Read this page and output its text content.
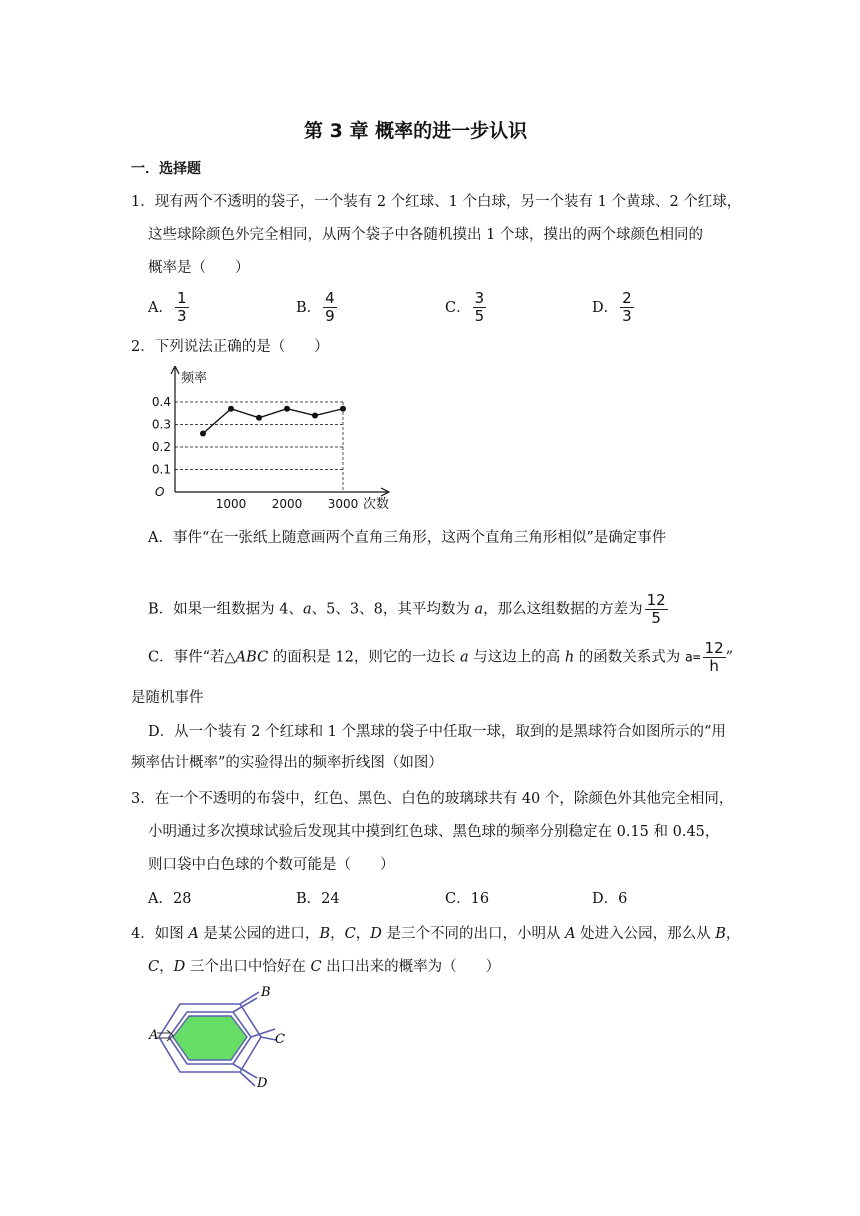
第 3 章 概率的进一步认识
一．选择题
1．现有两个不透明的袋子，一个装有 2 个红球、1 个白球，另一个装有 1 个黄球、2 个红球，
这些球除颜色外完全相同，从两个袋子中各随机摸出 1 个球，摸出的两个球颜色相同的
概率是（　　）
A． $\frac{1}{3}$	B． $\frac{4}{9}$	C． $\frac{3}{5}$	D． $\frac{2}{3}$
2．下列说法正确的是（　　）
0.1
0.2
0.3
0.4
1000 2000 3000
频率
次数
O
A．事件“在一张纸上随意画两个直角三角形，这两个直角三角形相似”是确定事件
B．如果一组数据为 4、a、5、3、8，其平均数为 a，那么这组数据的方差为 $\frac{12}{5}$
C．事件“若△ABC 的面积是 12，则它的一边长 a 与这边上的高 h 的函数关系式为 $a= \frac{12}{h}$ ”
是随机事件
D．从一个装有 2 个红球和 1 个黑球的袋子中任取一球，取到的是黑球符合如图所示的“用
频率估计概率”的实验得出的频率折线图（如图）
3．在一个不透明的布袋中，红色、黑色、白色的玻璃球共有 40 个，除颜色外其他完全相同，
小明通过多次摸球试验后发现其中摸到红色球、黑色球的频率分别稳定在 0.15 和 0.45，
则口袋中白色球的个数可能是（　　）
A．28	B．24	C．16	D．6
4．如图 A 是某公园的进口，B，C，D 是三个不同的出口，小明从 A 处进入公园，那么从 B，
C，D 三个出口中恰好在 C 出口出来的概率为（　　）
A
B
C
D
